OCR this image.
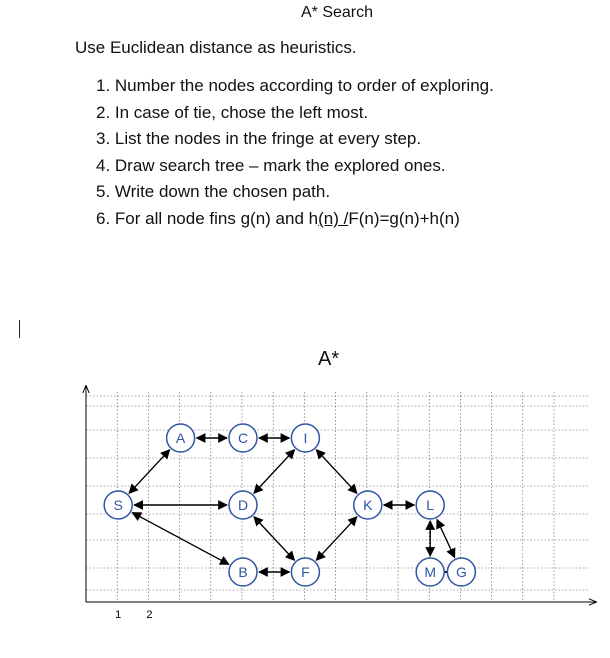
A* Search
Use Euclidean distance as heuristics.
1. Number the nodes according to order of exploring.
2. In case of tie, chose the left most.
3. List the nodes in the fringe at every step.
4. Draw search tree – mark the explored ones.
5. Write down the chosen path.
6. For all node fins g(n) and h(n) /F(n)=g(n)+h(n)
A*
1 2
S
A	C	I
D	K	L
B	F	M G
